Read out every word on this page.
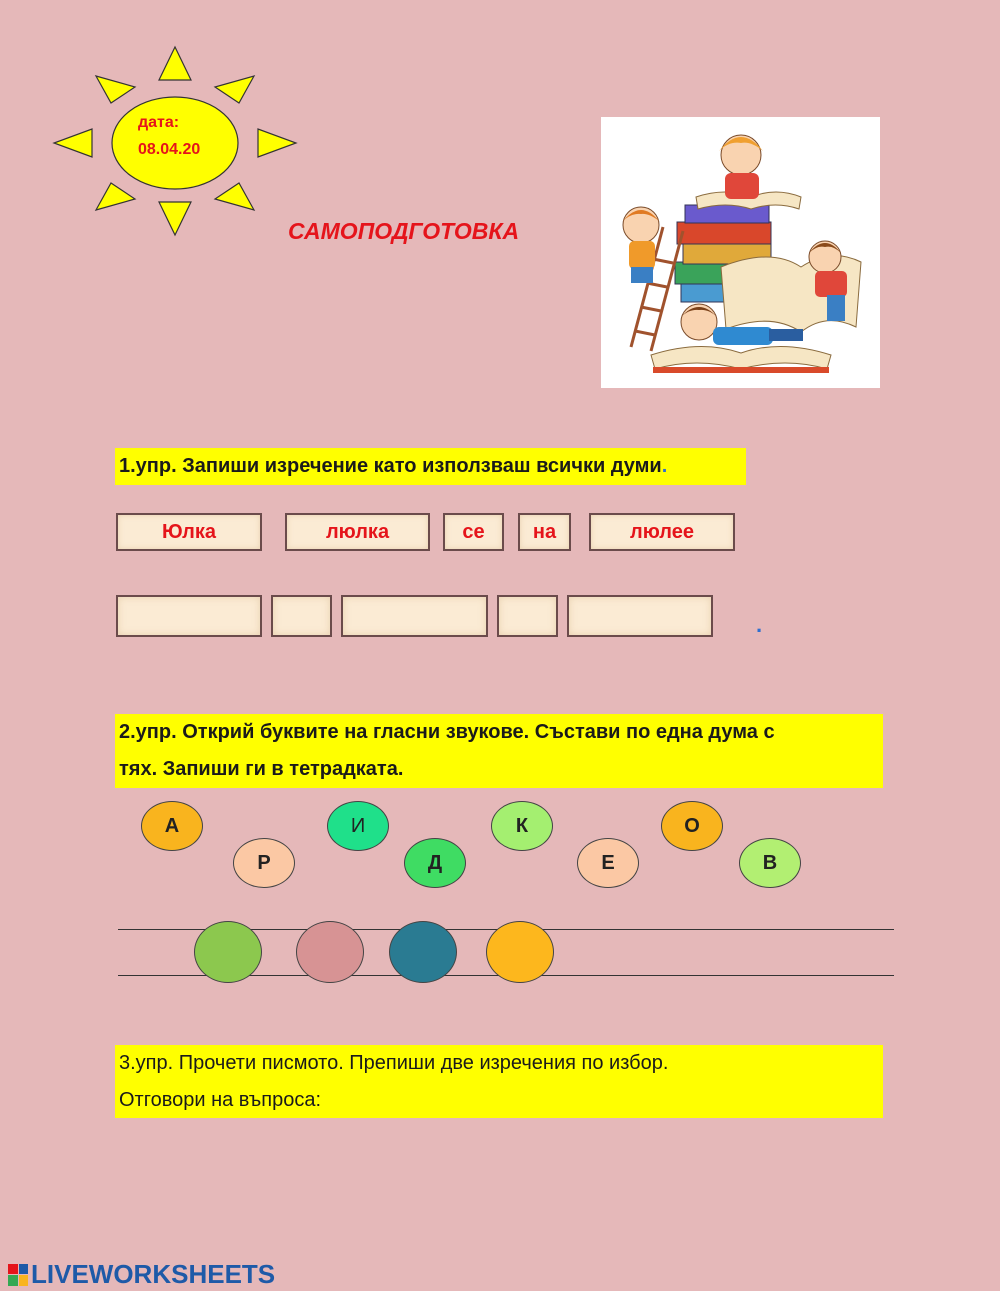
дата:
08.04.20
САМОПОДГОТОВКА
1.упр. Запиши изречение като използваш всички думи.
Юлка	люлка	се	на	люлее
.
2.упр. Открий буквите на гласни звукове. Състави по една дума с
тях. Запиши ги в тетрадката.
А
Р
И
Д
К
Е
О
В
3.упр. Прочети писмото. Препиши две изречения по избор.
Отговори на въпроса:
LIVEWORKSHEETS
